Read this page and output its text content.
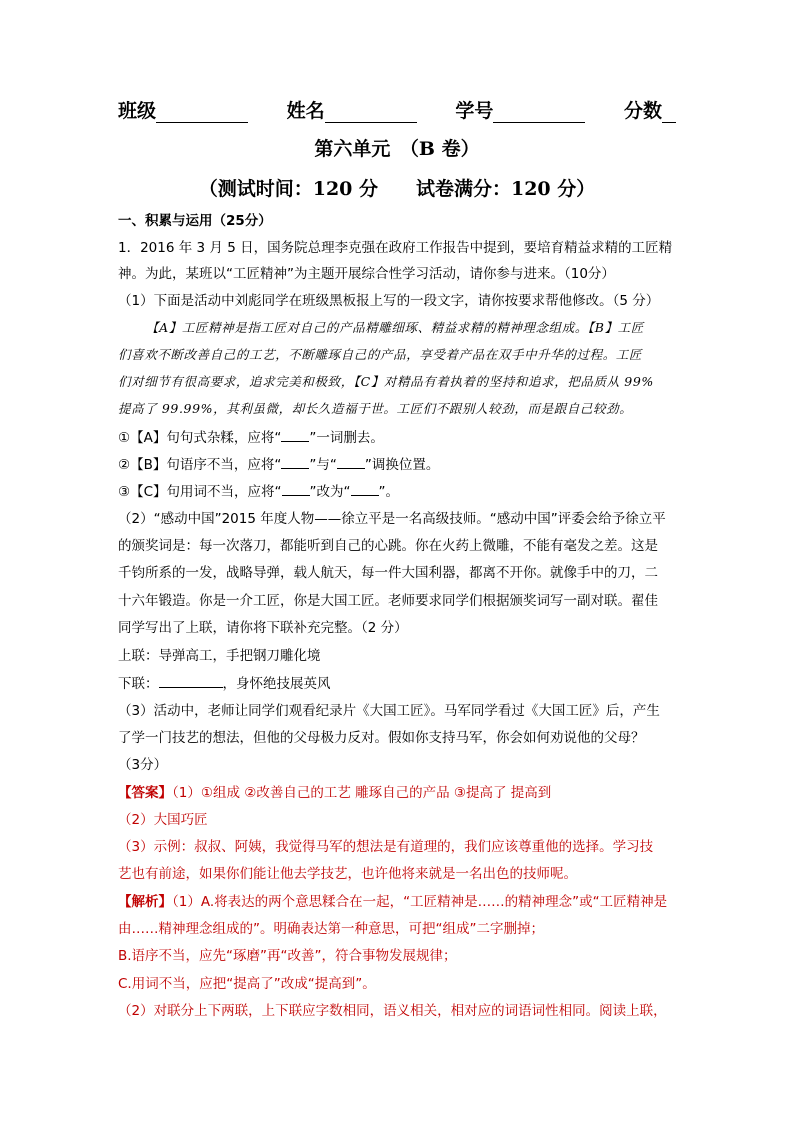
班级	姓名	学号	分数
第六单元　（B 卷）
（测试时间：120 分　　试卷满分：120 分）
一、积累与运用（25分）
1．2016 年 3 月 5 日，国务院总理李克强在政府工作报告中提到，要培育精益求精的工匠精
神。为此，某班以“工匠精神”为主题开展综合性学习活动，请你参与进来。（10分）
（1）下面是活动中刘彪同学在班级黑板报上写的一段文字，请你按要求帮他修改。（5 分）
【A】工匠精神是指工匠对自己的产品精雕细琢、精益求精的精神理念组成。【B】工匠
们喜欢不断改善自己的工艺，不断雕琢自己的产品，享受着产品在双手中升华的过程。工匠
们对细节有很高要求，追求完美和极致，【C】对精品有着执着的坚持和追求，把品质从 99%
提高了 99.99%，其利虽微，却长久造福于世。工匠们不跟别人较劲，而是跟自己较劲。
①【A】句句式杂糅，应将“ ”一词删去。
②【B】句语序不当，应将“ ”与“ ”调换位置。
③【C】句用词不当，应将“ ”改为“ ”。
（2）“感动中国”2015 年度人物——徐立平是一名高级技师。“感动中国”评委会给予徐立平
的颁奖词是：每一次落刀，都能听到自己的心跳。你在火药上微雕，不能有毫发之差。这是
千钧所系的一发，战略导弹，载人航天，每一件大国利器，都离不开你。就像手中的刀，二
十六年锻造。你是一介工匠，你是大国工匠。老师要求同学们根据颁奖词写一副对联。翟佳
同学写出了上联，请你将下联补充完整。（2 分）
上联：导弹高工，手把钢刀雕化境
下联：	，身怀绝技展英风
（3）活动中，老师让同学们观看纪录片《大国工匠》。马军同学看过《大国工匠》后，产生
了学一门技艺的想法，但他的父母极力反对。假如你支持马军，你会如何劝说他的父母？
（3分）
【答案】（1）①组成 ②改善自己的工艺 雕琢自己的产品 ③提高了 提高到
（2）大国巧匠
（3）示例：叔叔、阿姨，我觉得马军的想法是有道理的，我们应该尊重他的选择。学习技
艺也有前途，如果你们能让他去学技艺，也许他将来就是一名出色的技师呢。
【解析】（1）A.将表达的两个意思糅合在一起，“工匠精神是……的精神理念”或“工匠精神是
由……精神理念组成的”。明确表达第一种意思，可把“组成”二字删掉；
B.语序不当，应先“琢磨”再“改善”，符合事物发展规律；
C.用词不当，应把“提高了”改成“提高到”。
（2）对联分上下两联，上下联应字数相同，语义相关，相对应的词语词性相同。阅读上联，
